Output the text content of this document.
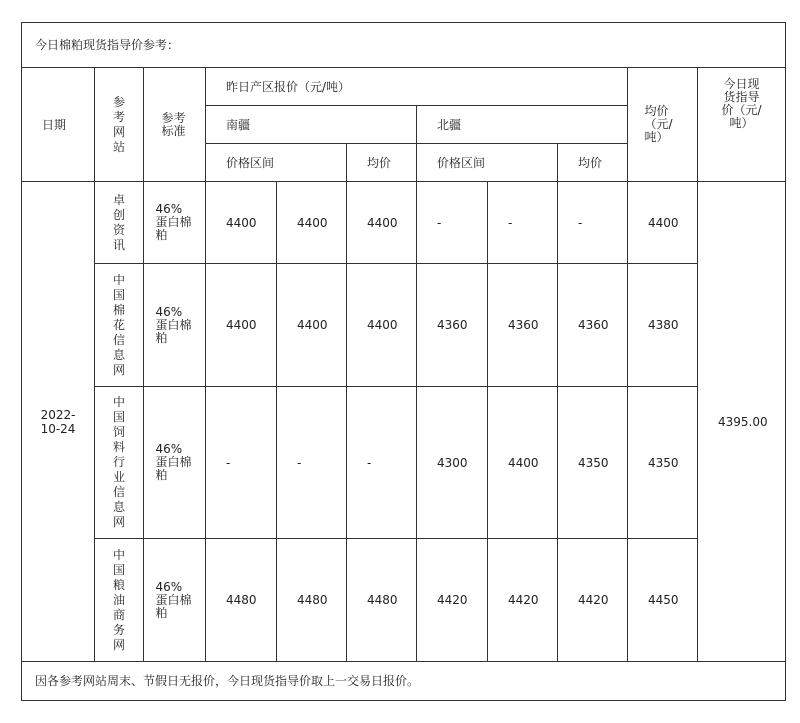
今日棉粕现货指导价参考：										
日期	参考网站	参考标准	昨日产区报价（元/吨）						均价（元/吨）	今日现货指导价（元/吨）

			南疆			北疆				
			价格区间		均价	价格区间		均价		

2022-10-24	卓创资讯	46%蛋白棉粕	4400	4400	4400	-	-	-	4400	4395.00

	中国棉花信息网	46%蛋白棉粕	4400	4400	4400	4360	4360	4360	4380	

	中国饲料行业信息网	46%蛋白棉粕	-	-	-	4300	4400	4350	4350	

	中国粮油商务网	46%蛋白棉粕	4480	4480	4480	4420	4420	4420	4450	
因各参考网站周末、节假日无报价，今日现货指导价取上一交易日报价。										
